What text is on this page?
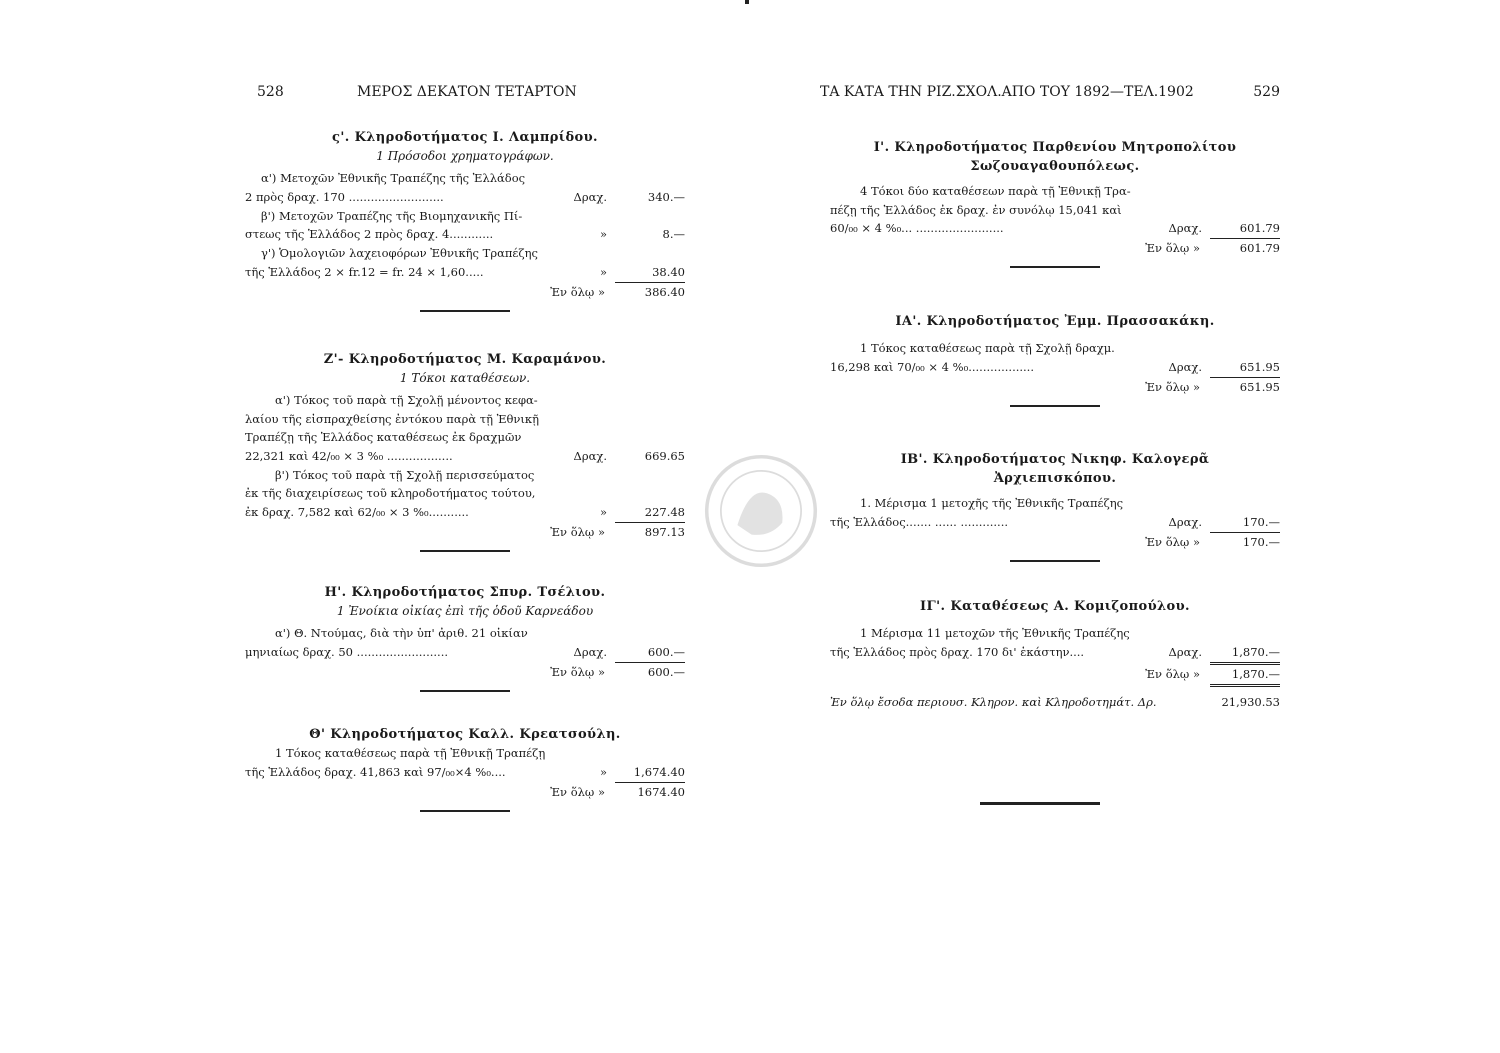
528	ΜΕΡΟΣ ΔΕΚΑΤΟΝ ΤΕΤΑΡΤΟΝ
ς'. Κληροδοτήματος Ι. Λαμπρίδου.
1 Πρόσοδοι χρηματογράφων.
α') Μετοχῶν Ἐθνικῆς Τραπέζης τῆς Ἑλλάδος
2 πρὸς δραχ. 170 ..........................	Δραχ.	340.—
β') Μετοχῶν Τραπέζης τῆς Βιομηχανικῆς Πί-
στεως τῆς Ἑλλάδος 2 πρὸς δραχ. 4............	»	8.—
γ') Ὁμολογιῶν λαχειοφόρων Ἐθνικῆς Τραπέζης
τῆς Ἑλλάδος 2 × fr.12 = fr. 24 × 1,60.....	»	38.40
Ἐν ὅλῳ »	386.40
Ζ'- Κληροδοτήματος Μ. Καραμάνου.
1 Τόκοι καταθέσεων.
α') Τόκος τοῦ παρὰ τῇ Σχολῇ μένοντος κεφα-
λαίου τῆς εἰσπραχθείσης ἐντόκου παρὰ τῇ Ἐθνικῇ
Τραπέζῃ τῆς Ἑλλάδος καταθέσεως ἐκ δραχμῶν
22,321 καὶ 42/₀₀ × 3 %₀ ..................	Δραχ.	669.65
β') Τόκος τοῦ παρὰ τῇ Σχολῇ περισσεύματος
ἐκ τῆς διαχειρίσεως τοῦ κληροδοτήματος τούτου,
ἐκ δραχ. 7,582 καὶ 62/₀₀ × 3 %₀...........	»	227.48
Ἐν ὅλῳ »	897.13
Η'. Κληροδοτήματος Σπυρ. Τσέλιου.
1 Ἐνοίκια οἰκίας ἐπὶ τῆς ὁδοῦ Καρνεάδου
α') Θ. Ντούμας, διὰ τὴν ὑπ' ἀριθ. 21 οἰκίαν
μηνιαίως δραχ. 50 .........................	Δραχ.	600.—
Ἐν ὅλῳ »	600.—
Θ' Κληροδοτήματος Καλλ. Κρεατσούλη.
1 Τόκος καταθέσεως παρὰ τῇ Ἐθνικῇ Τραπέζῃ
τῆς Ἑλλάδος δραχ. 41,863 καὶ 97/₀₀×4 %₀....	»	1,674.40
Ἐν ὅλῳ »	1674.40
ΤΑ ΚΑΤΑ ΤΗΝ ΡΙΖ.ΣΧΟΛ.ΑΠΟ ΤΟΥ 1892—ΤΕΛ.1902	529
Ι'. Κληροδοτήματος Παρθενίου Μητροπολίτου Σωζουαγαθουπόλεως.
4 Τόκοι δύο καταθέσεων παρὰ τῇ Ἐθνικῇ Τρα-
πέζῃ τῆς Ἑλλάδος ἐκ δραχ. ἐν συνόλῳ 15,041 καὶ
60/₀₀ × 4 %₀... ........................	Δραχ.	601.79
Ἐν ὅλῳ »	601.79
ΙΑ'. Κληροδοτήματος Ἐμμ. Πρασσακάκη.
1 Τόκος καταθέσεως παρὰ τῇ Σχολῇ δραχμ.
16,298 καὶ 70/₀₀ × 4 %₀..................	Δραχ.	651.95
Ἐν ὅλῳ »	651.95
ΙΒ'. Κληροδοτήματος Νικηφ. Καλογερᾶ Ἀρχιεπισκόπου.
1. Μέρισμα 1 μετοχῆς τῆς Ἐθνικῆς Τραπέζης
τῆς Ἑλλάδος....... ...... .............	Δραχ.	170.—
Ἐν ὅλῳ »	170.—
ΙΓ'. Καταθέσεως Α. Κομιζοπούλου.
1 Μέρισμα 11 μετοχῶν τῆς Ἐθνικῆς Τραπέζης
τῆς Ἑλλάδος πρὸς δραχ. 170 δι' ἑκάστην....	Δραχ.	1,870.—
Ἐν ὅλῳ »	1,870.—
Ἐν ὅλῳ ἔσοδα περιουσ. Κληρον. καὶ Κληροδοτημάτ. Δρ.	21,930.53
